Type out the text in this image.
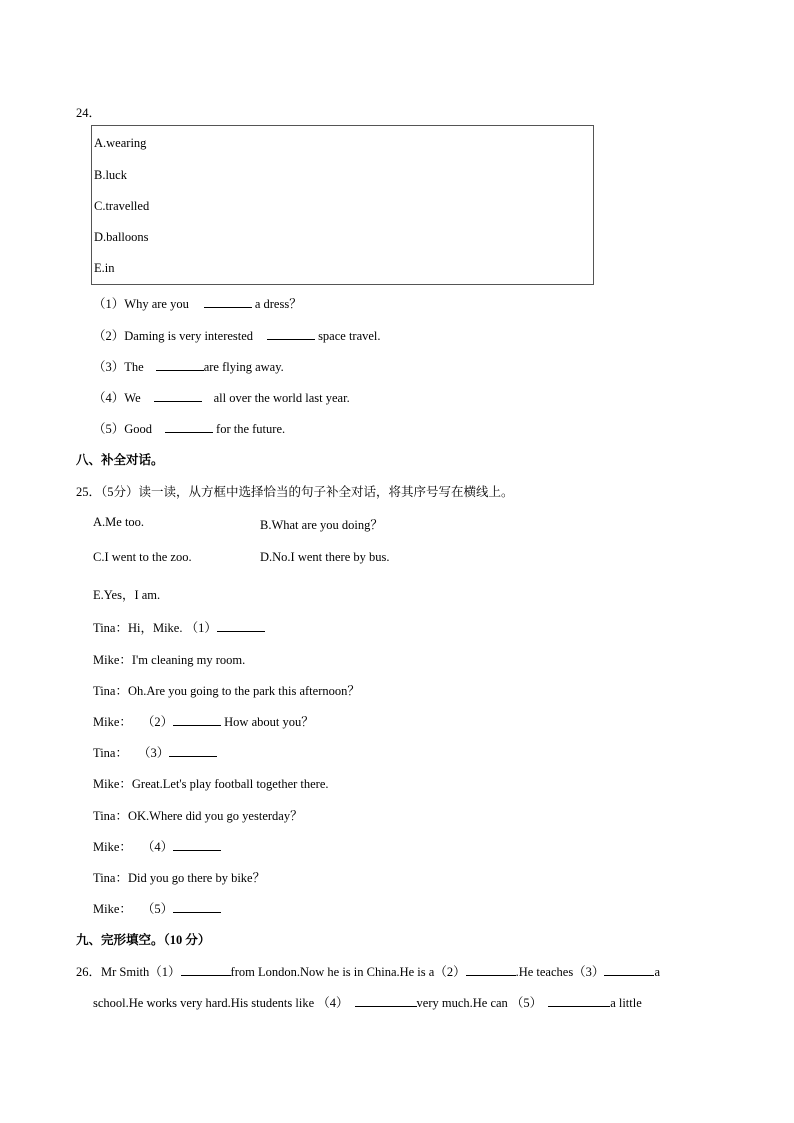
24．
A.wearing
B.luck
C.travelled
D.balloons
E.in
（1）Why are you	a dress？
（2）Daming is very interested	space travel.
（3）The	are flying away.
（4）We	all over the world last year.
（5）Good	for the future.
八、补全对话。
25．（5分）读一读，从方框中选择恰当的句子补全对话，将其序号写在横线上。
A.Me too.	B.What are you doing？
C.I went to the zoo.	D.No.I went there by bus.
E.Yes，I am.
Tina：Hi，Mike. （1）
Mike：I'm cleaning my room.
Tina：Oh.Are you going to the park this afternoon？
Mike： （2）	How about you？
Tina： （3）
Mike：Great.Let's play football together there.
Tina：OK.Where did you go yesterday？
Mike： （4）
Tina：Did you go there by bike？
Mike： （5）
九、完形填空。（10 分）
26．Mr Smith（1）	from London.Now he is in China.He is a（2）	.He teaches（3）	a
school.He works very hard.His students like （4）	very much.He can （5）	a little
